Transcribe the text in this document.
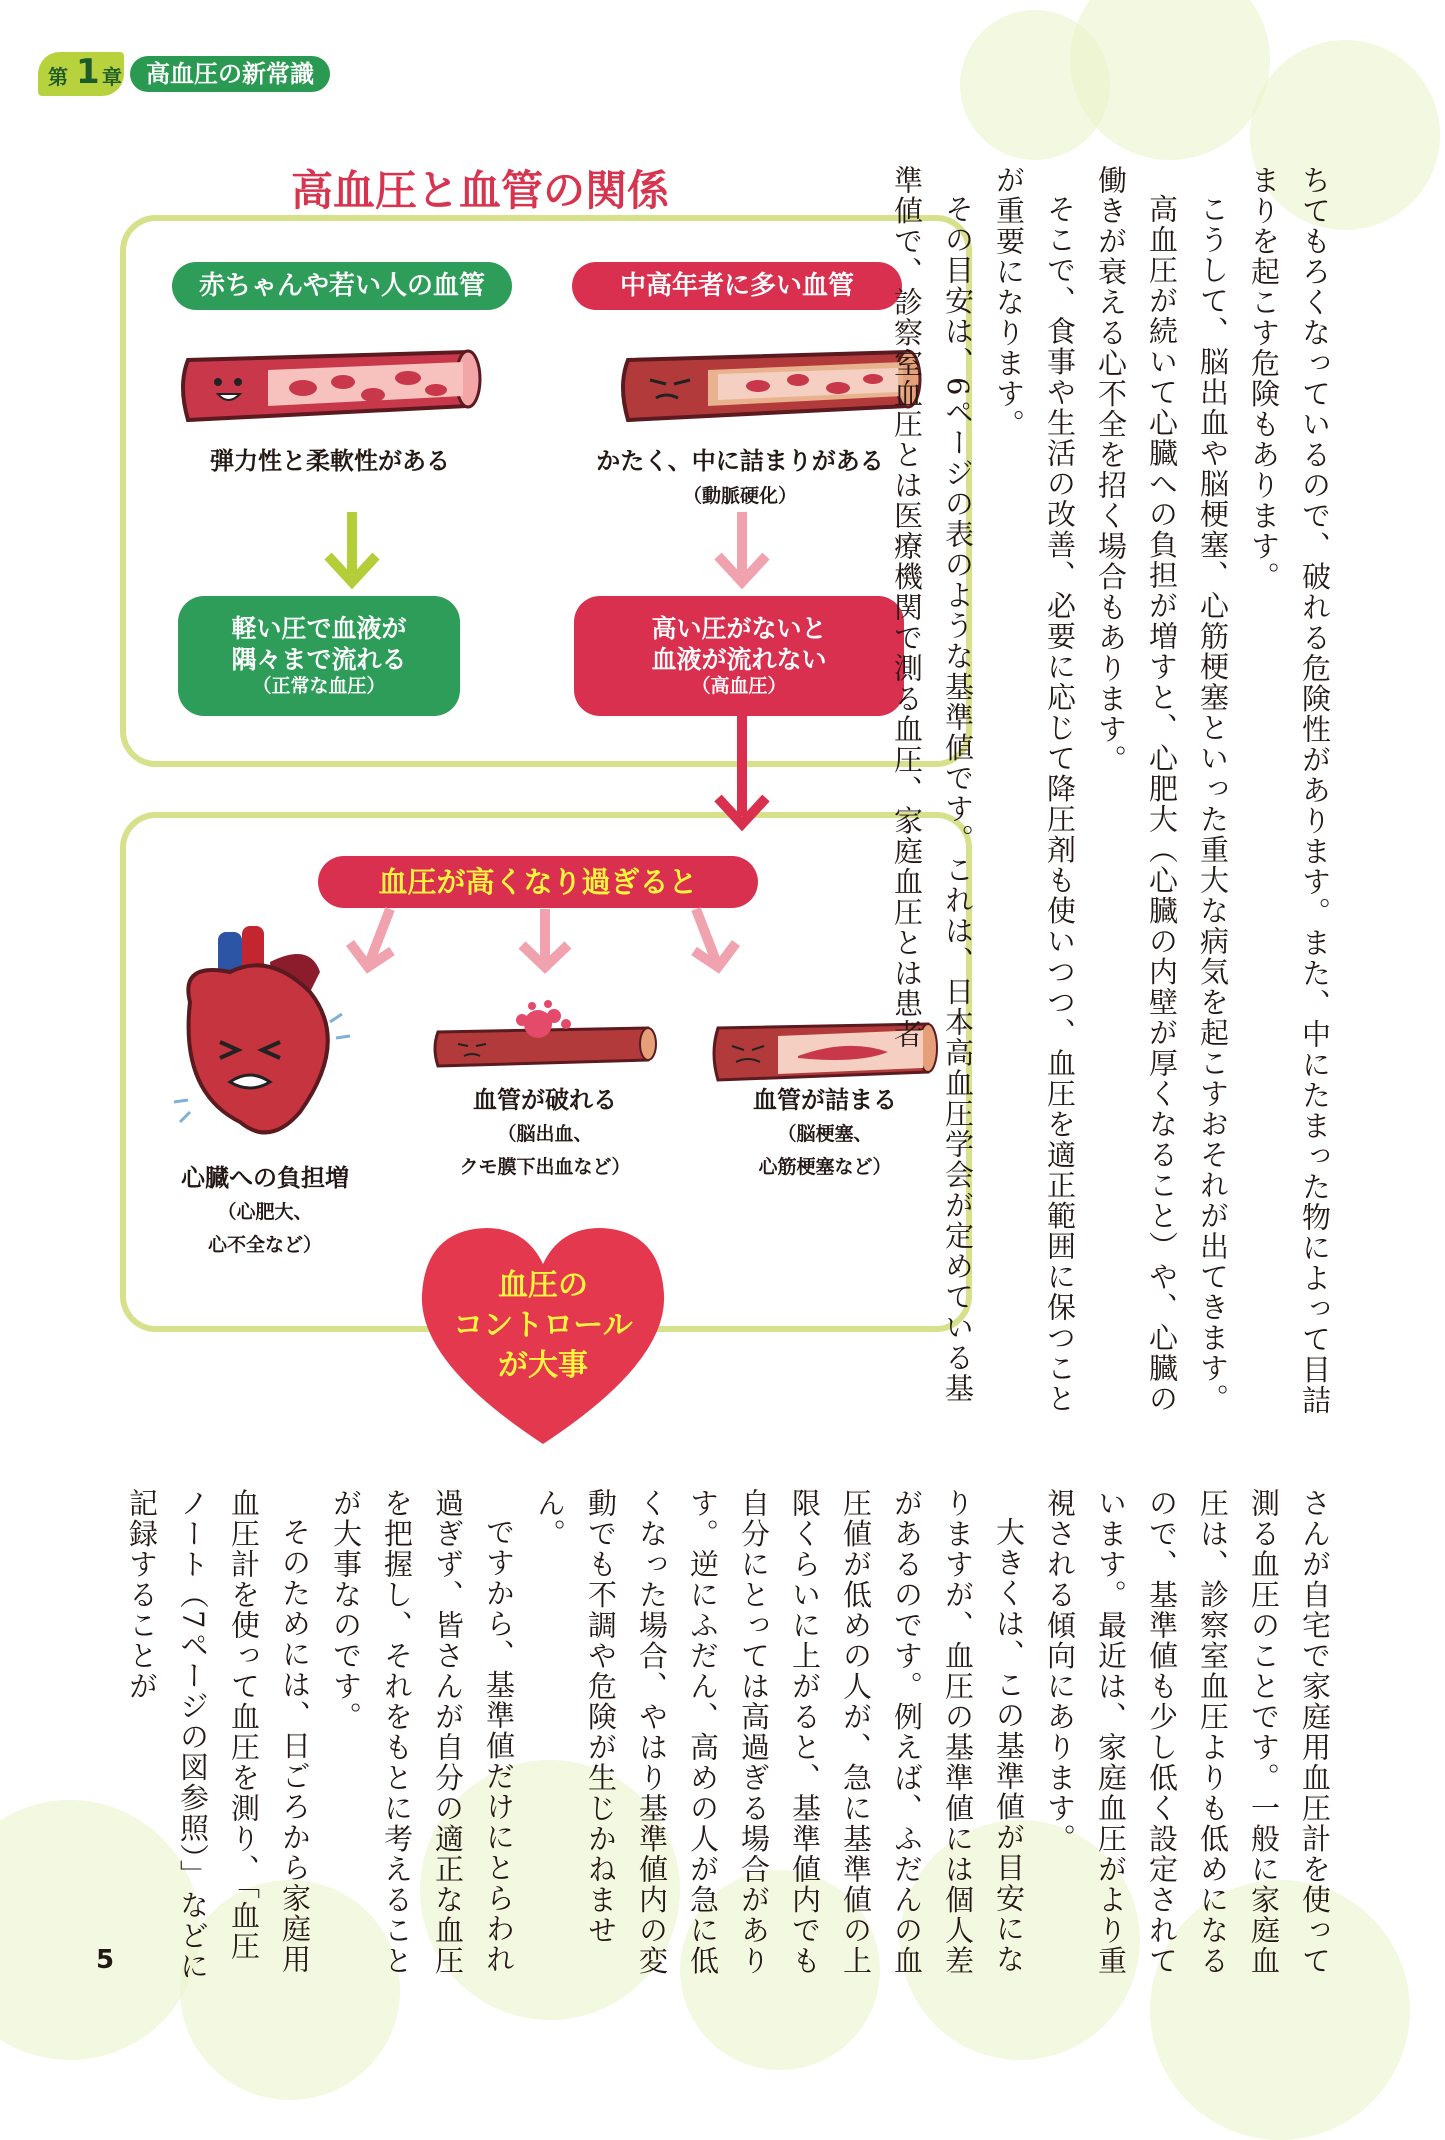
第 1 章	高血圧の新常識
高血圧と血管の関係
赤ちゃんや若い人の血管	中高年者に多い血管
弾力性と柔軟性がある	かたく、中に詰まりがある
（動脈硬化）
軽い圧で血液が
隅々まで流れる
（正常な血圧）
高い圧がないと
血液が流れない
（高血圧）
血圧が高くなり過ぎると
心臓への負担増
（心肥大、
心不全など）
血管が破れる
（脳出血、
クモ膜下出血など）
血管が詰まる
（脳梗塞、
心筋梗塞など）
血圧の
コントロール
が大事	ちてもろくなっているので、破れる危険性があります。また、中にたまった物によって目詰まりを起こす危険もあります。

こうして、脳出血や脳梗塞、心筋梗塞といった重大な病気を起こすおそれが出てきます。

高血圧が続いて心臓への負担が増すと、心肥大（心臓の内壁が厚くなること）や、心臓の働きが衰える心不全を招く場合もあります。

そこで、食事や生活の改善、必要に応じて降圧剤も使いつつ、血圧を適正範囲に保つことが重要になります。

その目安は、6ページの表のような基準値です。これは、日本高血圧学会が定めている基準値で、診察室血圧とは医療機関で測る血圧、家庭血圧とは患者

さんが自宅で家庭用血圧計を使って測る血圧のことです。一般に家庭血圧は、診察室血圧よりも低めになるので、基準値も少し低く設定されています。最近は、家庭血圧がより重視される傾向にあります。

大きくは、この基準値が目安になりますが、血圧の基準値には個人差があるのです。例えば、ふだんの血圧値が低めの人が、急に基準値の上限くらいに上がると、基準値内でも自分にとっては高過ぎる場合がありす。逆にふだん、高めの人が急に低くなった場合、やはり基準値内の変動でも不調や危険が生じかねません。

ですから、基準値だけにとらわれ過ぎず、皆さんが自分の適正な血圧を把握し、それをもとに考えることが大事なのです。

そのためには、日ごろから家庭用血圧計を使って血圧を測り、「血圧ノート（7ページの図参照）」などに記録することが

5
